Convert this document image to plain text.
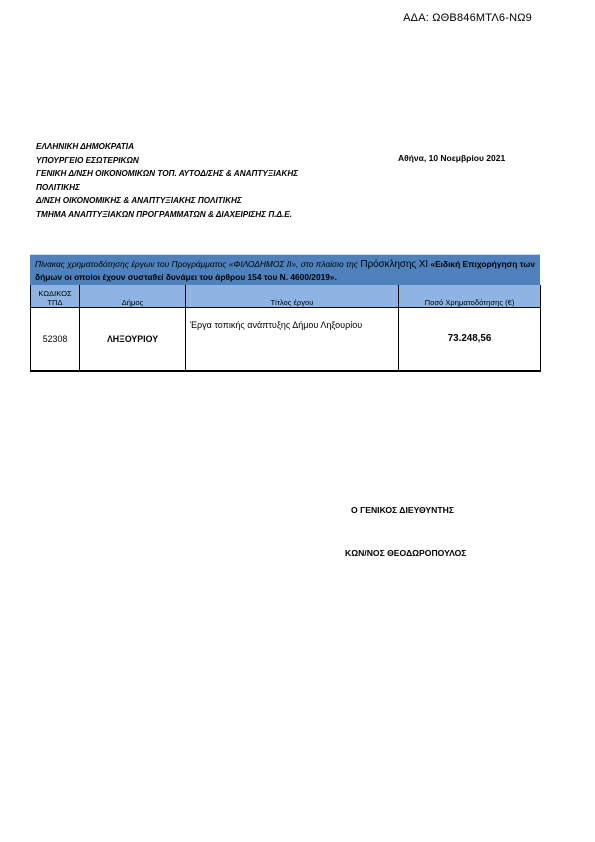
ΑΔΑ: ΩΘΒ846ΜΤΛ6-ΝΩ9
ΕΛΛΗΝΙΚΗ ΔΗΜΟΚΡΑΤΙΑ
ΥΠΟΥΡΓΕΙΟ ΕΣΩΤΕΡΙΚΩΝ
ΓΕΝΙΚΗ Δ/ΝΣΗ ΟΙΚΟΝΟΜΙΚΩΝ ΤΟΠ. ΑΥΤΟΔ/ΣΗΣ & ΑΝΑΠΤΥΞΙΑΚΗΣ
ΠΟΛΙΤΙΚΗΣ
Δ/ΝΣΗ ΟΙΚΟΝΟΜΙΚΗΣ & ΑΝΑΠΤΥΞΙΑΚΗΣ ΠΟΛΙΤΙΚΗΣ
ΤΜΗΜΑ ΑΝΑΠΤΥΞΙΑΚΩΝ ΠΡΟΓΡΑΜΜΑΤΩΝ & ΔΙΑΧΕΙΡΙΣΗΣ Π.Δ.Ε.
Αθήνα, 10 Νοεμβρίου 2021
Πίνακας χρηματοδότησης έργων του Προγράμματος «ΦΙΛΟΔΗΜΟΣ ΙΙ», στο πλαίσιο της Πρόσκλησης ΧΙ «Ειδική Επιχορήγηση των δήμων οι οποίοι έχουν συσταθεί δυνάμει του άρθρου 154 του Ν. 4600/2019».
ΚΩΔΙΚΟΣ ΤΠΔ	Δήμος	Τίτλος έργου	Ποσό Χρηματοδότησης (€)
52308	ΛΗΞΟΥΡΙΟΥ	Έργα τοπικής ανάπτυξης Δήμου Ληξουρίου	73.248,56
Ο ΓΕΝΙΚΟΣ ΔΙΕΥΘΥΝΤΗΣ
ΚΩΝ/ΝΟΣ ΘΕΟΔΩΡΟΠΟΥΛΟΣ
